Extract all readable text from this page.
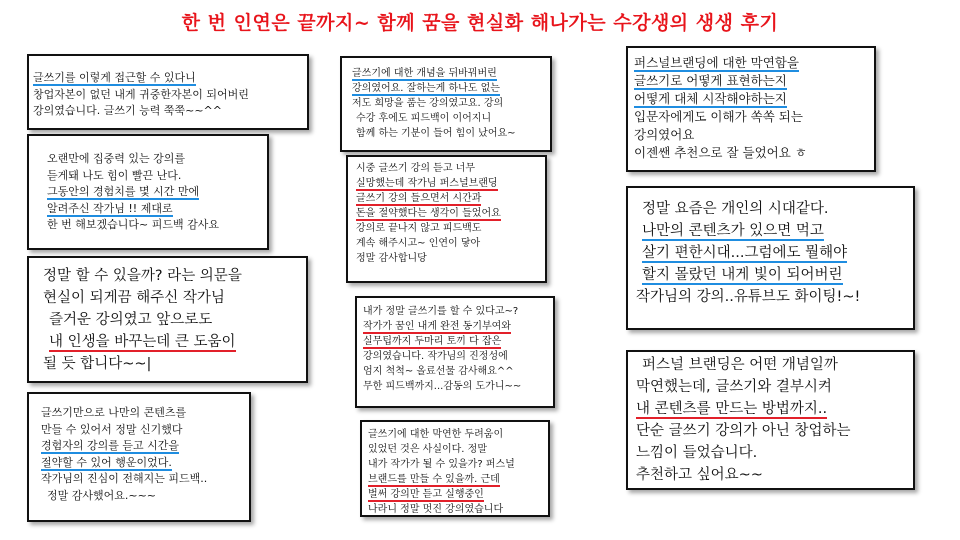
한 번 인연은 끝까지~ 함께 꿈을 현실화 해나가는 수강생의 생생 후기
글쓰기를 이렇게 접근할 수 있다니
창업자본이 없던 내게 귀중한자본이 되어버린
강의였습니다. 글쓰기 능력 쭉쭉~~^^
오랜만에 집중력 있는 강의를
듣게돼 나도 힘이 빨끈 난다.
그동안의 경험치를 몇 시간 만에
알려주신 작가님 !! 제대로
한 번 해보겠습니다~ 피드백 감사요
정말 할 수 있을까? 라는 의문을
현실이 되게끔 해주신 작가님
즐거운 강의였고 앞으로도
내 인생을 바꾸는데 큰 도움이
될 듯 합니다~~|
글쓰기만으로 나만의 콘텐츠를
만들 수 있어서 정말 신기했다
경험자의 강의를 듣고 시간을
절약할 수 있어 행운이었다.
작가님의 진심이 전해지는 피드백..
정말 감사했어요.~~~
글쓰기에 대한 개념을 뒤바꿔버린
강의였어요. 잘하는게 하나도 없는
저도 희망을 품는 강의였고요. 강의
수강 후에도 피드백이 이어지니
함께 하는 기분이 들어 힘이 났어요~
시중 글쓰기 강의 듣고 너무
실망했는데 작가님 퍼스널브랜딩
글쓰기 강의 들으면서 시간과
돈을 절약했다는 생각이 들었어요
강의로 끝나지 않고 피드백도
계속 해주시고~ 인연이 닿아
정말 감사합니당
내가 정말 글쓰기를 할 수 있다고~?
작가가 꿈인 내게 완전 동기부여와
실무팁까지 두마리 토끼 다 잡은
강의였습니다. 작가님의 진정성에
엄지 척척~ 올료선물 감사해요^^
무한 피드백까지...감동의 도가니~~
글쓰기에 대한 막연한 두려움이
있었던 것은 사실이다. 정말
내가 작가가 될 수 있을가? 퍼스널
브랜드를 만들 수 있을까. 근데
벌써 강의만 듣고 실행중인
나라니 정말 멋진 강의였습니다
퍼스널브랜딩에 대한 막연함을
글쓰기로 어떻게 표현하는지
어떻게 대체 시작해야하는지
입문자에게도 이해가 쏙쏙 되는
강의였어요
이젠쌘 추천으로 잘 들었어요 ㅎ
정말 요즘은 개인의 시대같다.
나만의 콘텐츠가 있으면 먹고
살기 편한시대...그럼에도 뭘해야
할지 몰랐던 내게 빛이 되어버린
작가님의 강의..유튜브도 화이팅!~!
퍼스널 브랜딩은 어떤 개념일까
막연했는데, 글쓰기와 결부시켜
내 콘텐츠를 만드는 방법까지..
단순 글쓰기 강의가 아닌 창업하는
느낌이 들었습니다.
추천하고 싶어요~~
